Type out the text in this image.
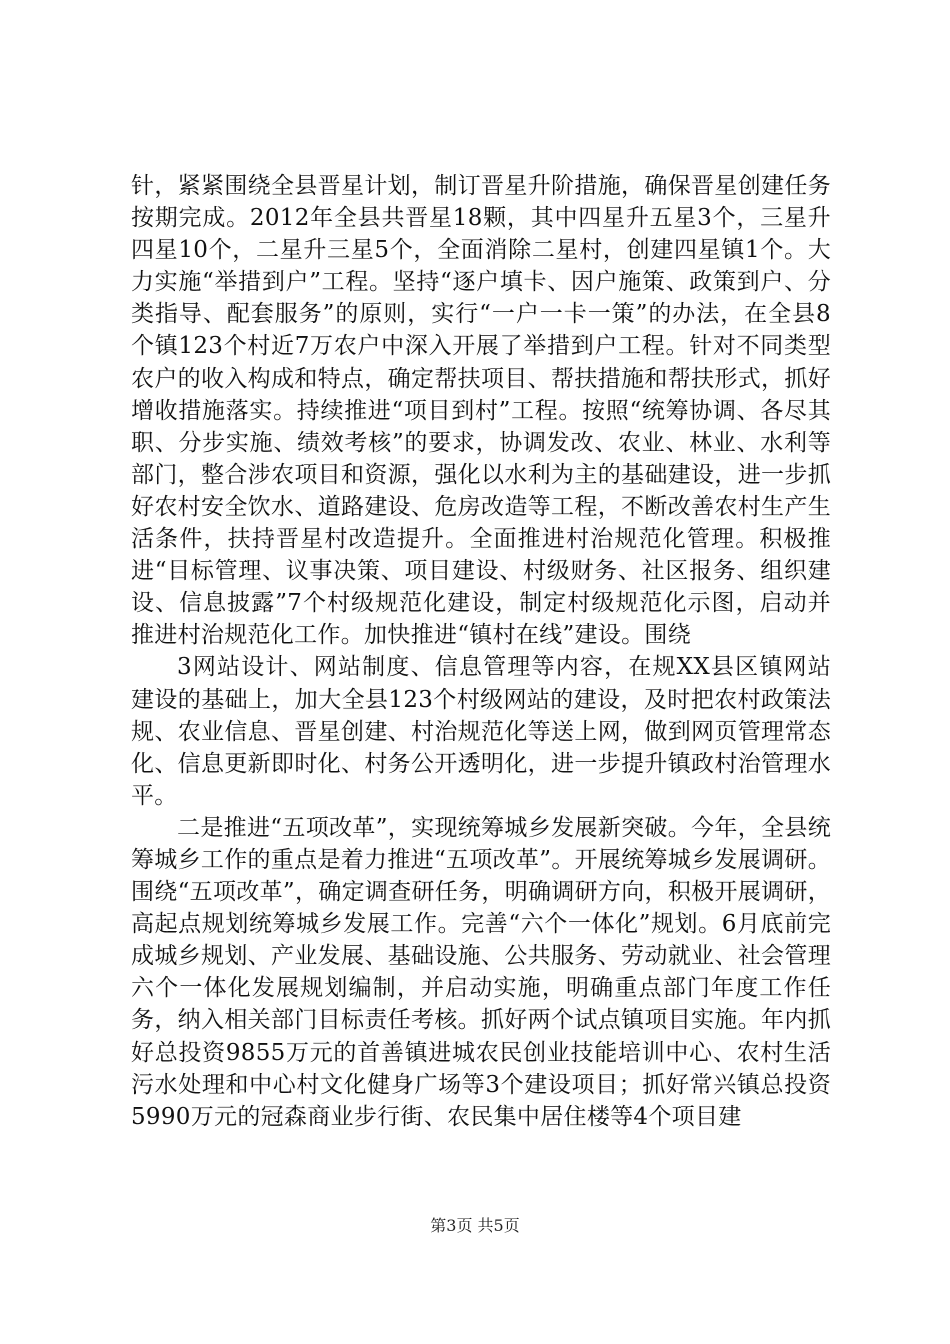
针，紧紧围绕全县晋星计划，制订晋星升阶措施，确保晋星创建任务按期完成。2012年全县共晋星18颗，其中四星升五星3个，三星升四星10个，二星升三星5个，全面消除二星村，创建四星镇1个。大力实施“举措到户”工程。坚持“逐户填卡、因户施策、政策到户、分类指导、配套服务”的原则，实行“一户一卡一策”的办法，在全县8个镇123个村近7万农户中深入开展了举措到户工程。针对不同类型农户的收入构成和特点，确定帮扶项目、帮扶措施和帮扶形式，抓好增收措施落实。持续推进“项目到村”工程。按照“统筹协调、各尽其职、分步实施、绩效考核”的要求，协调发改、农业、林业、水利等部门，整合涉农项目和资源，强化以水利为主的基础建设，进一步抓好农村安全饮水、道路建设、危房改造等工程，不断改善农村生产生活条件，扶持晋星村改造提升。全面推进村治规范化管理。积极推进“目标管理、议事决策、项目建设、村级财务、社区报务、组织建设、信息披露”7个村级规范化建设，制定村级规范化示图，启动并推进村治规范化工作。加快推进“镇村在线”建设。围绕

3网站设计、网站制度、信息管理等内容，在规XX县区镇网站建设的基础上，加大全县123个村级网站的建设，及时把农村政策法规、农业信息、晋星创建、村治规范化等送上网，做到网页管理常态化、信息更新即时化、村务公开透明化，进一步提升镇政村治管理水平。

二是推进“五项改革”，实现统筹城乡发展新突破。今年，全县统筹城乡工作的重点是着力推进“五项改革”。开展统筹城乡发展调研。围绕“五项改革”，确定调查研任务，明确调研方向，积极开展调研，高起点规划统筹城乡发展工作。完善“六个一体化”规划。6月底前完成城乡规划、产业发展、基础设施、公共服务、劳动就业、社会管理六个一体化发展规划编制，并启动实施，明确重点部门年度工作任务，纳入相关部门目标责任考核。抓好两个试点镇项目实施。年内抓好总投资9855万元的首善镇进城农民创业技能培训中心、农村生活污水处理和中心村文化健身广场等3个建设项目；抓好常兴镇总投资5990万元的冠森商业步行街、农民集中居住楼等4个项目建

第3页 共5页
